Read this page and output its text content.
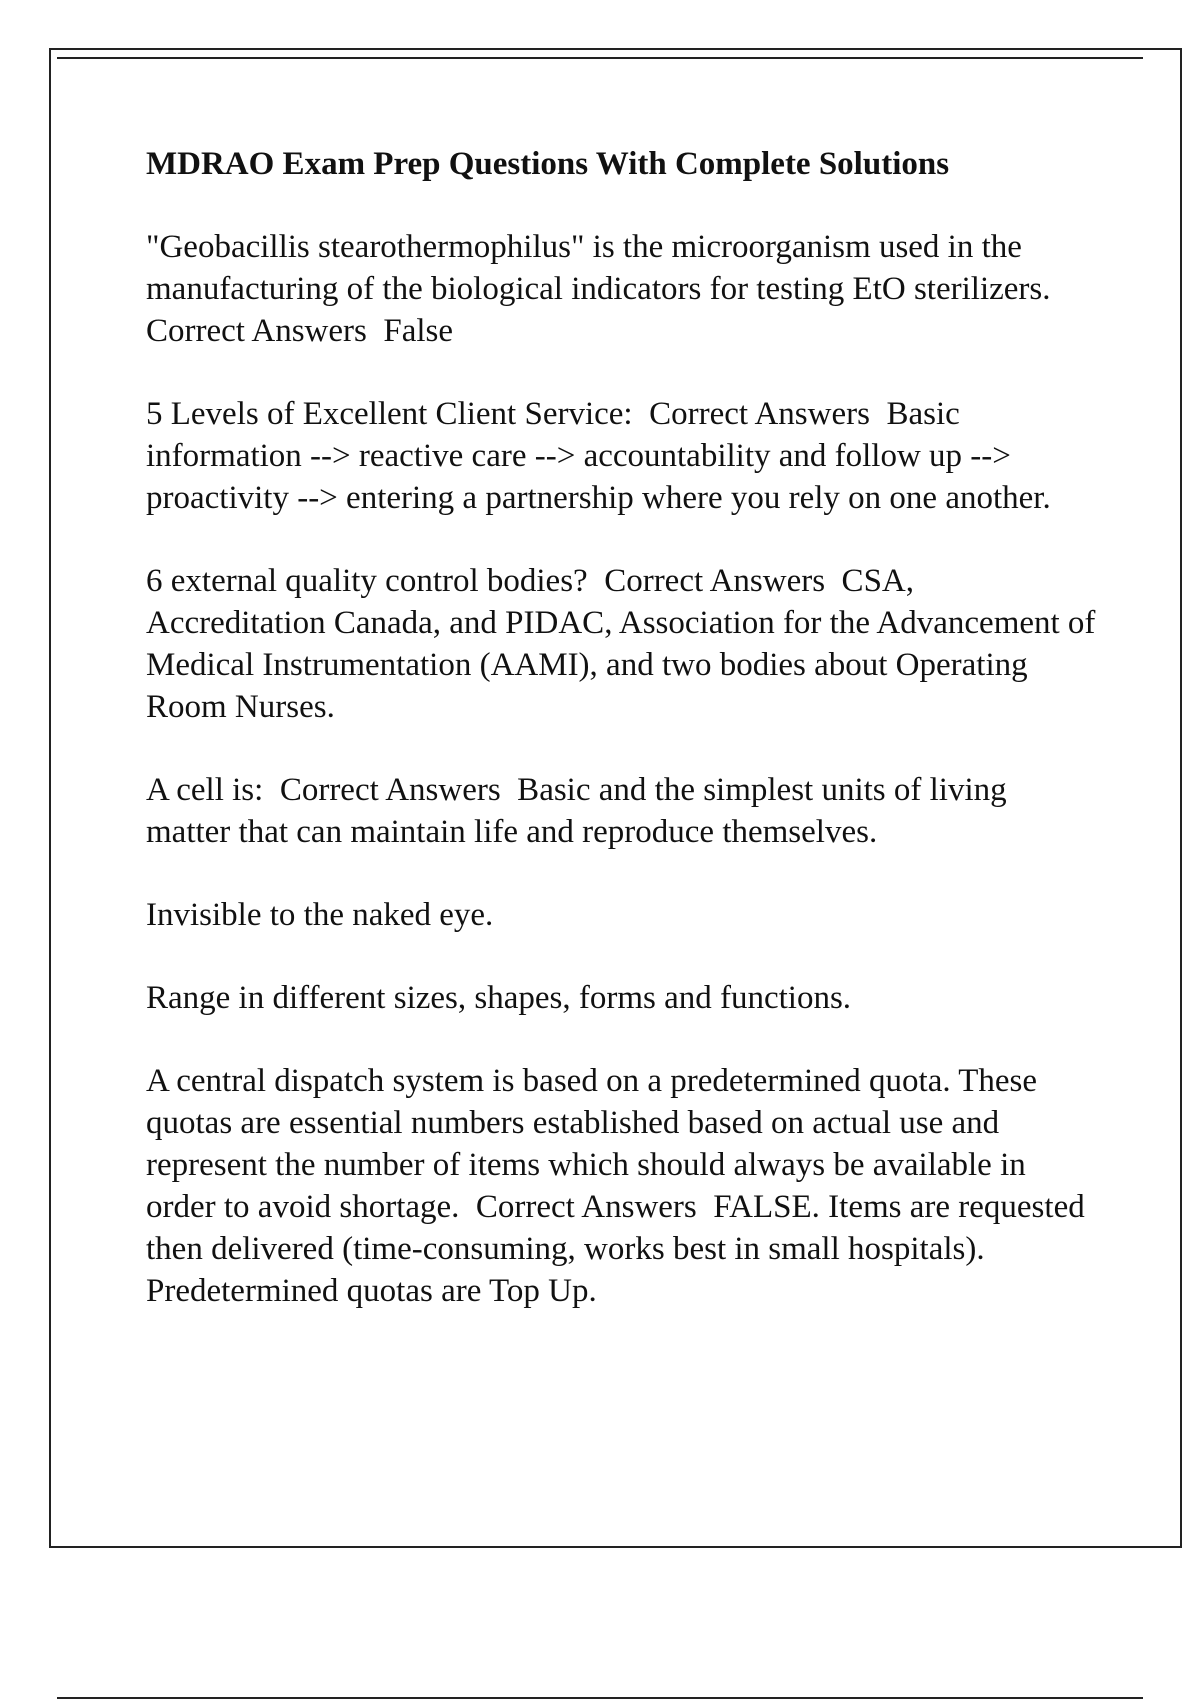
MDRAO Exam Prep Questions With Complete Solutions

"Geobacillis stearothermophilus" is the microorganism used in the manufacturing of the biological indicators for testing EtO sterilizers.  Correct Answers  False

5 Levels of Excellent Client Service:  Correct Answers  Basic information --> reactive care --> accountability and follow up --> proactivity --> entering a partnership where you rely on one another.

6 external quality control bodies?  Correct Answers  CSA, Accreditation Canada, and PIDAC, Association for the Advancement of Medical Instrumentation (AAMI), and two bodies about Operating Room Nurses.

A cell is:  Correct Answers  Basic and the simplest units of living matter that can maintain life and reproduce themselves.

Invisible to the naked eye.

Range in different sizes, shapes, forms and functions.

A central dispatch system is based on a predetermined quota. These quotas are essential numbers established based on actual use and represent the number of items which should always be available in order to avoid shortage.  Correct Answers  FALSE. Items are requested then delivered (time-consuming, works best in small hospitals). Predetermined quotas are Top Up.
